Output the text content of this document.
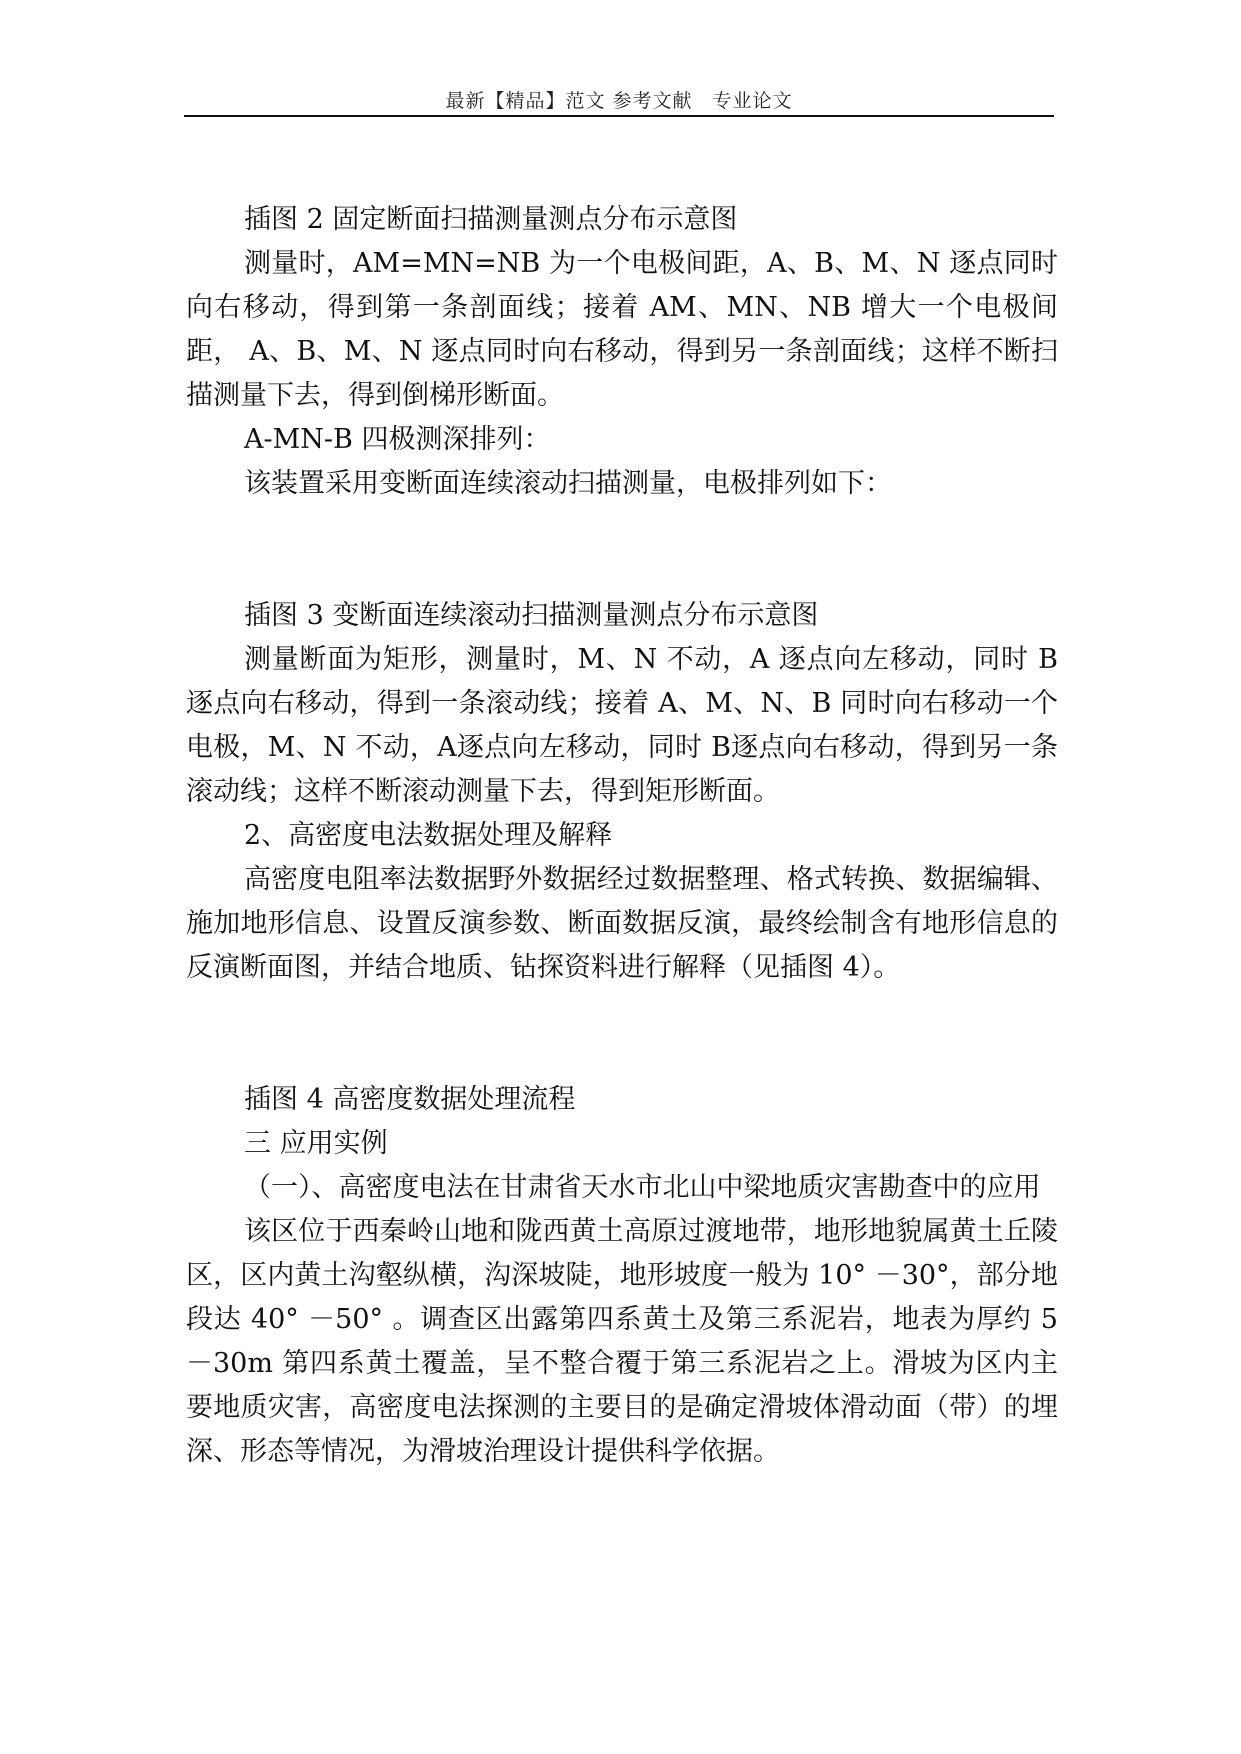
最新【精品】范文 参考文献　专业论文

插图 2 固定断面扫描测量测点分布示意图

测量时，AM=MN=NB 为一个电极间距，A、B、M、N 逐点同时向右移动，得到第一条剖面线；接着 AM、MN、NB 增大一个电极间距， A、B、M、N 逐点同时向右移动，得到另一条剖面线；这样不断扫描测量下去，得到倒梯形断面。

A-MN-B 四极测深排列：

该装置采用变断面连续滚动扫描测量，电极排列如下：

插图 3 变断面连续滚动扫描测量测点分布示意图

测量断面为矩形，测量时，M、N 不动，A 逐点向左移动，同时 B 逐点向右移动，得到一条滚动线；接着 A、M、N、B 同时向右移动一个电极，M、N 不动，A逐点向左移动，同时 B逐点向右移动，得到另一条滚动线；这样不断滚动测量下去，得到矩形断面。

2、高密度电法数据处理及解释

高密度电阻率法数据野外数据经过数据整理、格式转换、数据编辑、施加地形信息、设置反演参数、断面数据反演，最终绘制含有地形信息的反演断面图，并结合地质、钻探资料进行解释（见插图 4）。

插图 4 高密度数据处理流程

三 应用实例

（一）、高密度电法在甘肃省天水市北山中梁地质灾害勘查中的应用

该区位于西秦岭山地和陇西黄土高原过渡地带，地形地貌属黄土丘陵区，区内黄土沟壑纵横，沟深坡陡，地形坡度一般为 10° －30°，部分地段达 40° －50° 。调查区出露第四系黄土及第三系泥岩，地表为厚约 5－30m 第四系黄土覆盖，呈不整合覆于第三系泥岩之上。滑坡为区内主要地质灾害，高密度电法探测的主要目的是确定滑坡体滑动面（带）的埋深、形态等情况，为滑坡治理设计提供科学依据。
